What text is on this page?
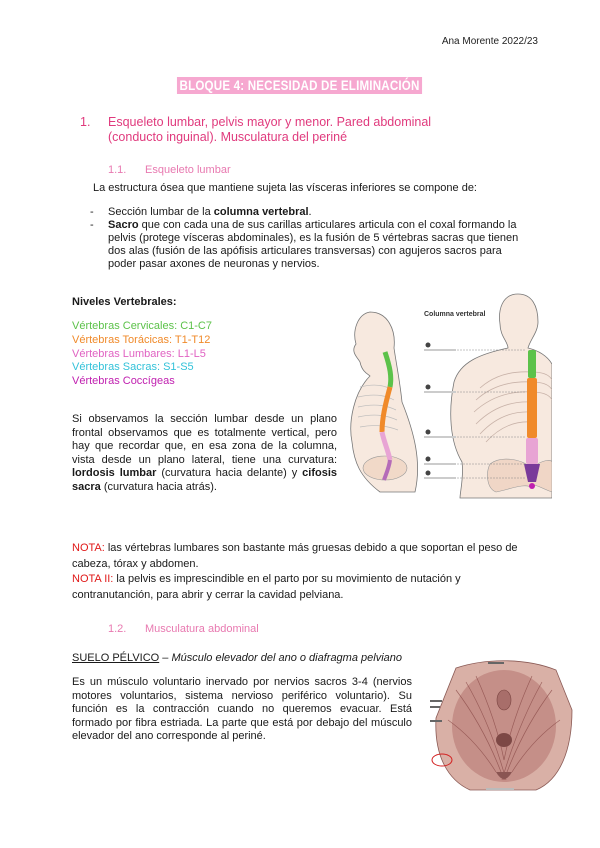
Ana Morente 2022/23
BLOQUE 4: NECESIDAD DE ELIMINACIÓN
1. Esqueleto lumbar, pelvis mayor y menor. Pared abdominal
(conducto inguinal). Musculatura del periné
1.1. Esqueleto lumbar
La estructura ósea que mantiene sujeta las vísceras inferiores se compone de:
- Sección lumbar de la columna vertebral.
- Sacro que con cada una de sus carillas articulares articula con el coxal formando la pelvis (protege vísceras abdominales), es la fusión de 5 vértebras sacras que tienen dos alas (fusión de las apófisis articulares transversas) con agujeros sacros para poder pasar axones de neuronas y nervios.
Niveles Vertebrales:
Vértebras Cervicales: C1-C7
Vértebras Torácicas: T1-T12
Vértebras Lumbares: L1-L5
Vértebras Sacras: S1-S5
Vértebras Coccígeas
Si observamos la sección lumbar desde un plano frontal observamos que es totalmente vertical, pero hay que recordar que, en esa zona de la columna, vista desde un plano lateral, tiene una curvatura: lordosis lumbar (curvatura hacia delante) y cifosis sacra (curvatura hacia atrás).
Columna vertebral
NOTA: las vértebras lumbares son bastante más gruesas debido a que soportan el peso de cabeza, tórax y abdomen.
NOTA II: la pelvis es imprescindible en el parto por su movimiento de nutación y contranutanción, para abrir y cerrar la cavidad pelviana.
1.2. Musculatura abdominal
SUELO PÉLVICO – Músculo elevador del ano o diafragma pelviano
Es un músculo voluntario inervado por nervios sacros 3-4 (nervios motores voluntarios, sistema nervioso periférico voluntario). Su función es la contracción cuando no queremos evacuar. Está formado por fibra estriada. La parte que está por debajo del músculo elevador del ano corresponde al periné.
